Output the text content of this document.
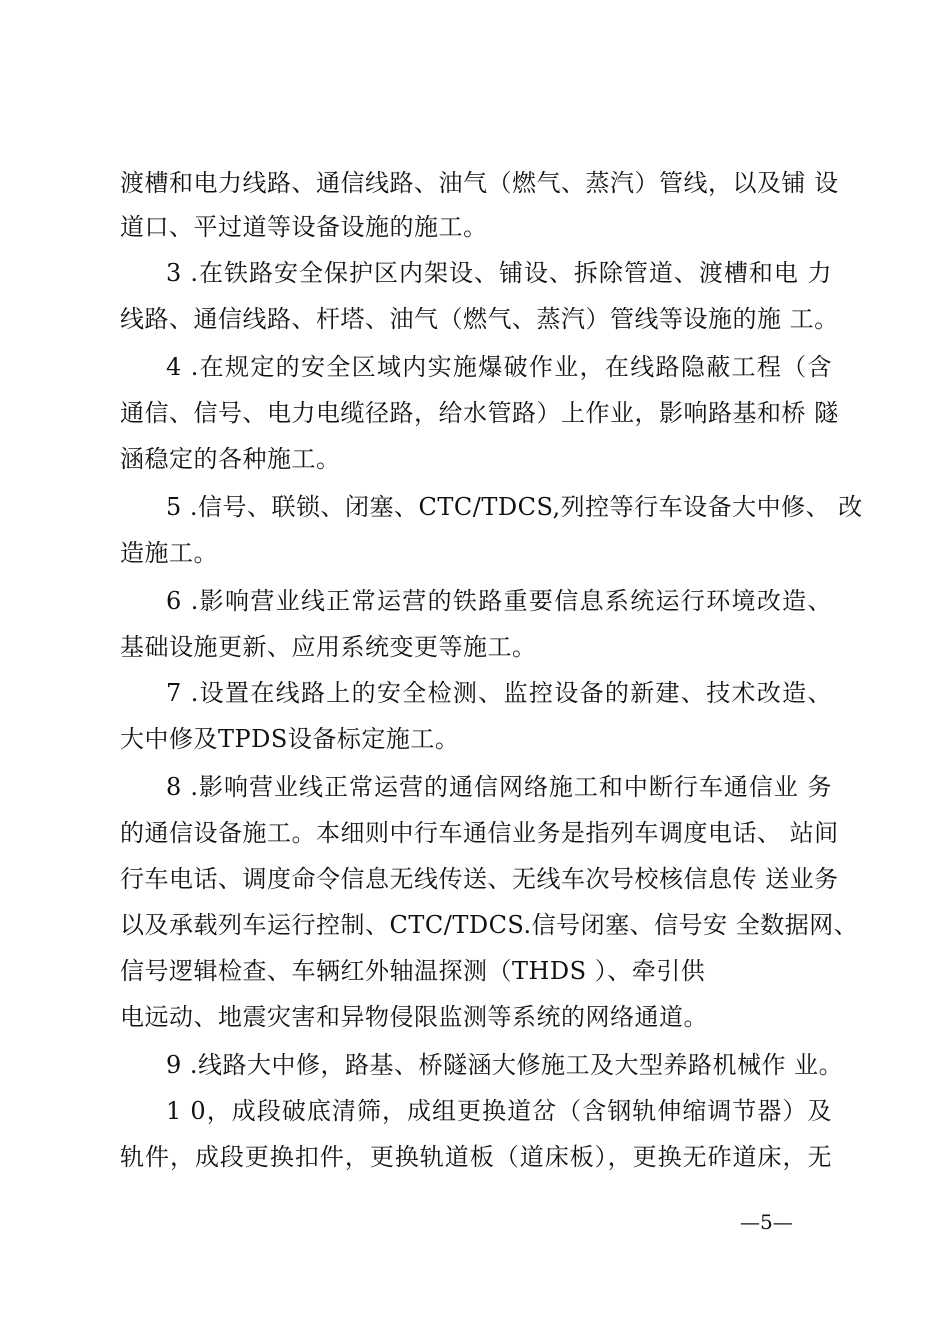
渡槽和电力线路、通信线路、油气（燃气、蒸汽）管线，以及铺 设
道口、平过道等设备设施的施工。
3 .在铁路安全保护区内架设、铺设、拆除管道、渡槽和电 力
线路、通信线路、杆塔、油气（燃气、蒸汽）管线等设施的施 工。
4 .在规定的安全区域内实施爆破作业，在线路隐蔽工程（含
通信、信号、电力电缆径路，给水管路）上作业，影响路基和桥 隧
涵稳定的各种施工。
5 .信号、联锁、闭塞、CTC/TDCS,列控等行车设备大中修、 改
造施工。
6 .影响营业线正常运营的铁路重要信息系统运行环境改造、
基础设施更新、应用系统变更等施工。
7 .设置在线路上的安全检测、监控设备的新建、技术改造、
大中修及TPDS设备标定施工。
8 .影响营业线正常运营的通信网络施工和中断行车通信业 务
的通信设备施工。本细则中行车通信业务是指列车调度电话、 站间
行车电话、调度命令信息无线传送、无线车次号校核信息传 送业务
以及承载列车运行控制、CTC/TDCS.信号闭塞、信号安 全数据网、
信号逻辑检查、车辆红外轴温探测（THDS ）、牵引供
电远动、地震灾害和异物侵限监测等系统的网络通道。
9 .线路大中修，路基、桥隧涵大修施工及大型养路机械作 业。
1 0，成段破底清筛，成组更换道岔（含钢轨伸缩调节器）及
轨件，成段更换扣件，更换轨道板（道床板），更换无砟道床，无
—5—
